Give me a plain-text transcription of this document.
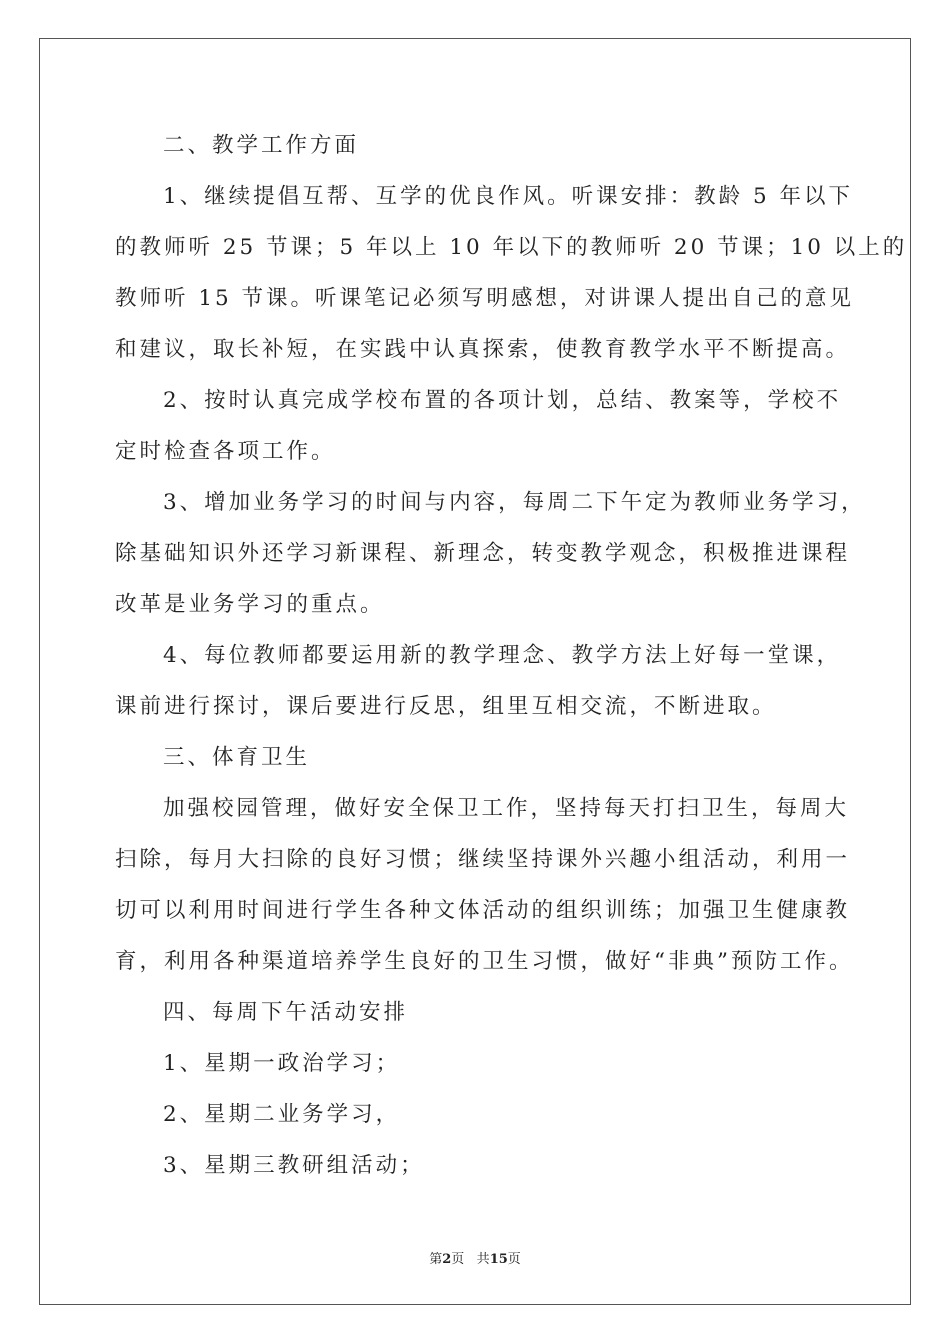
二、教学工作方面

1、继续提倡互帮、互学的优良作风。听课安排：教龄 5 年以下

的教师听 25 节课；5 年以上 10 年以下的教师听 20 节课；10 以上的

教师听 15 节课。听课笔记必须写明感想，对讲课人提出自己的意见

和建议，取长补短，在实践中认真探索，使教育教学水平不断提高。

2、按时认真完成学校布置的各项计划，总结、教案等，学校不

定时检查各项工作。

3、增加业务学习的时间与内容，每周二下午定为教师业务学习，

除基础知识外还学习新课程、新理念，转变教学观念，积极推进课程

改革是业务学习的重点。

4、每位教师都要运用新的教学理念、教学方法上好每一堂课，

课前进行探讨，课后要进行反思，组里互相交流，不断进取。

三、体育卫生

加强校园管理，做好安全保卫工作，坚持每天打扫卫生，每周大

扫除，每月大扫除的良好习惯；继续坚持课外兴趣小组活动，利用一

切可以利用时间进行学生各种文体活动的组织训练；加强卫生健康教

育，利用各种渠道培养学生良好的卫生习惯，做好“非典”预防工作。

四、每周下午活动安排

1、星期一政治学习；

2、星期二业务学习，

3、星期三教研组活动；

第2页 共15页
